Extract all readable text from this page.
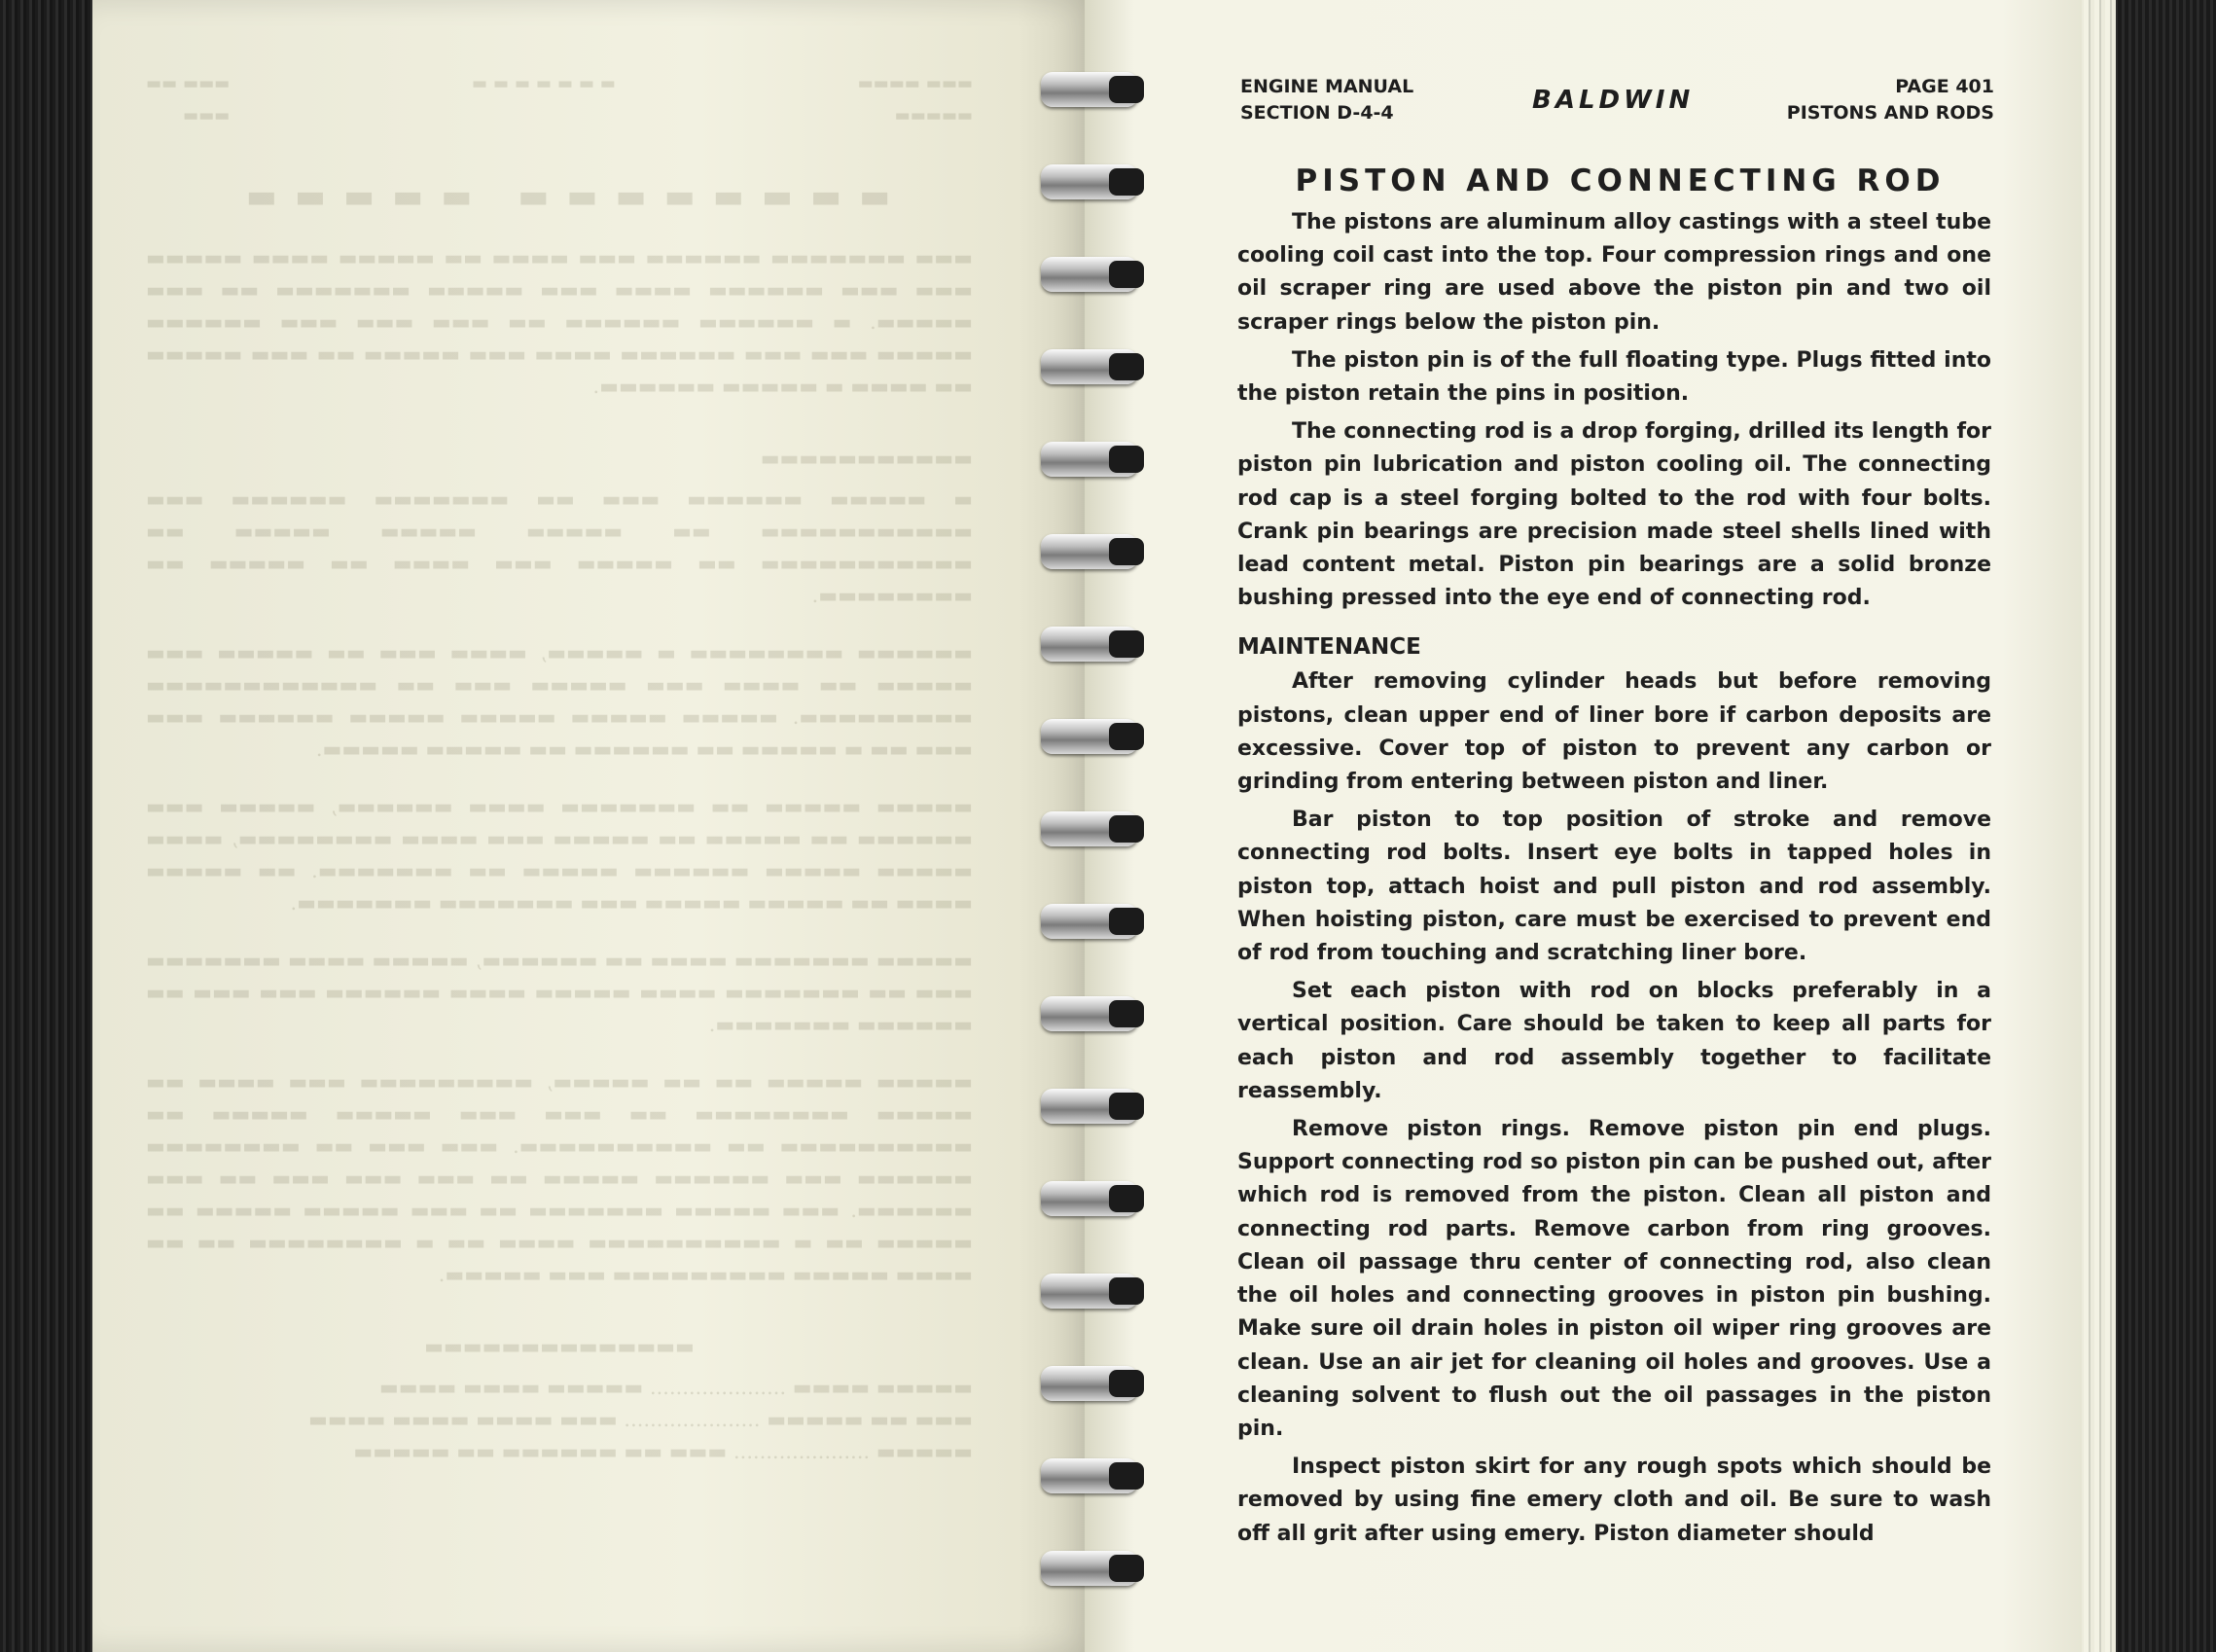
▬▬▬ ▬▬▬▬
▬▬▬▬▬
▬ ▬ ▬ ▬ ▬ ▬ ▬
▬▬▬ ▬▬
▬▬▬
▬▬▬▬▬▬▬▬ ▬▬▬▬▬

▬▬▬ ▬▬▬▬▬▬▬ ▬▬▬▬▬▬ ▬▬▬ ▬▬▬▬ ▬▬ ▬▬▬▬▬ ▬▬▬▬ ▬▬▬▬▬ ▬▬▬ ▬▬▬ ▬▬▬▬▬▬ ▬▬▬▬ ▬▬▬ ▬▬▬▬▬ ▬▬▬▬▬▬▬ ▬▬ ▬▬▬ ▬▬▬▬▬. ▬ ▬▬▬▬▬▬ ▬▬▬▬▬▬ ▬▬ ▬▬▬ ▬▬▬ ▬▬▬ ▬▬▬▬▬▬ ▬▬▬▬▬ ▬▬▬ ▬▬▬ ▬▬▬▬▬▬ ▬▬▬▬ ▬▬▬ ▬▬▬▬▬ ▬▬ ▬▬▬ ▬▬▬▬▬ ▬▬ ▬▬▬▬ ▬ ▬▬▬▬▬ ▬▬▬▬▬▬.

▬▬▬▬▬▬▬▬▬▬▬

▬ ▬▬▬▬▬ ▬▬▬▬▬▬ ▬▬▬ ▬▬ ▬▬▬▬▬▬▬ ▬▬▬▬▬▬ ▬▬▬ ▬▬▬▬▬▬▬▬▬▬▬ ▬▬ ▬▬▬▬▬ ▬▬▬▬▬ ▬▬▬▬▬ ▬▬ ▬▬▬▬▬▬▬▬▬▬▬ ▬▬ ▬▬▬▬▬ ▬▬▬ ▬▬▬▬ ▬▬ ▬▬▬▬▬ ▬▬ ▬▬▬▬▬▬▬▬.

▬▬▬▬▬▬ ▬▬▬▬▬▬▬▬ ▬ ▬▬▬▬▬, ▬▬▬▬ ▬▬▬ ▬▬ ▬▬▬▬▬ ▬▬▬ ▬▬▬▬▬ ▬▬ ▬▬▬▬ ▬▬▬ ▬▬▬▬▬ ▬▬▬ ▬▬ ▬▬▬▬▬▬▬▬▬▬▬▬ ▬▬▬▬▬▬▬▬▬. ▬▬▬▬▬ ▬▬▬▬▬ ▬▬▬▬▬ ▬▬▬▬▬ ▬▬▬▬▬▬ ▬▬▬ ▬▬▬ ▬▬ ▬ ▬▬▬▬▬ ▬▬ ▬▬▬▬▬▬ ▬▬ ▬▬▬▬▬ ▬▬▬▬▬.

▬▬▬▬▬ ▬▬▬▬▬ ▬▬ ▬▬▬▬▬▬▬ ▬▬▬▬ ▬▬▬▬▬▬, ▬▬▬▬▬ ▬▬▬ ▬▬▬▬▬▬ ▬▬ ▬▬▬▬▬ ▬▬ ▬▬▬▬▬ ▬▬▬ ▬▬▬▬ ▬▬▬▬▬▬▬▬, ▬▬▬▬ ▬▬▬▬▬ ▬▬▬▬▬ ▬▬▬▬▬▬ ▬▬▬▬▬ ▬▬ ▬▬▬▬▬▬▬. ▬▬ ▬▬▬▬▬ ▬▬▬▬ ▬▬ ▬▬▬▬▬ ▬▬▬▬▬ ▬▬▬ ▬▬▬▬▬▬▬ ▬▬▬▬▬▬▬.

▬▬▬▬▬ ▬▬▬▬▬▬▬ ▬▬▬▬ ▬▬ ▬▬▬▬▬▬, ▬▬▬▬▬ ▬▬▬▬ ▬▬▬▬▬▬▬ ▬▬▬ ▬▬ ▬▬▬▬▬▬▬ ▬▬▬▬ ▬▬▬▬▬ ▬▬▬▬ ▬▬▬▬▬▬ ▬▬▬ ▬▬▬ ▬▬ ▬▬▬▬▬▬ ▬▬▬▬▬▬▬.

▬▬▬▬▬ ▬▬▬▬▬ ▬▬ ▬▬ ▬▬▬▬▬, ▬▬▬▬▬▬▬▬▬ ▬▬▬ ▬▬▬▬ ▬▬ ▬▬▬▬▬ ▬▬▬▬▬▬▬▬ ▬▬ ▬▬▬ ▬▬▬ ▬▬▬▬▬ ▬▬▬▬▬ ▬▬ ▬▬▬▬▬▬▬▬▬▬ ▬▬ ▬▬▬▬▬▬▬▬▬▬. ▬▬▬ ▬▬▬ ▬▬ ▬▬▬▬▬▬▬▬ ▬▬▬▬▬▬ ▬▬▬ ▬▬▬▬▬▬ ▬▬▬▬▬ ▬▬ ▬▬▬ ▬▬▬ ▬▬▬ ▬▬ ▬▬▬ ▬▬▬▬▬▬. ▬▬▬ ▬▬▬▬▬ ▬▬▬▬▬▬▬ ▬▬ ▬▬▬ ▬▬▬▬▬ ▬▬▬▬▬ ▬▬ ▬▬▬▬▬ ▬▬ ▬ ▬▬▬▬▬▬▬▬▬▬ ▬▬▬▬ ▬▬ ▬ ▬▬▬▬▬▬▬▬ ▬▬ ▬▬ ▬▬▬▬ ▬▬▬▬▬ ▬▬▬▬▬▬▬▬▬ ▬▬▬ ▬▬▬▬▬.

▬▬▬▬▬▬▬▬▬▬▬▬▬▬

▬▬▬▬▬ ▬▬▬▬ ..................... ▬▬▬▬▬ ▬▬▬▬ ▬▬▬▬
▬▬▬ ▬▬ ▬▬▬▬▬ ..................... ▬▬▬ ▬▬▬▬ ▬▬▬▬ ▬▬▬▬
▬▬▬▬▬ ..................... ▬▬▬ ▬▬ ▬▬▬▬▬▬ ▬▬ ▬▬▬▬▬

ENGINE MANUAL
SECTION D-4-4	BALDWIN	PAGE 401
PISTONS AND RODS
PISTON AND CONNECTING ROD

The pistons are aluminum alloy castings with a steel tube cooling coil cast into the top. Four compression rings and one oil scraper ring are used above the piston pin and two oil scraper rings below the piston pin.

The piston pin is of the full floating type. Plugs fitted into the piston retain the pins in position.

The connecting rod is a drop forging, drilled its length for piston pin lubrication and piston cooling oil. The connecting rod cap is a steel forging bolted to the rod with four bolts. Crank pin bearings are precision made steel shells lined with lead content metal. Piston pin bearings are a solid bronze bushing pressed into the eye end of connecting rod.

MAINTENANCE

After removing cylinder heads but before removing pistons, clean upper end of liner bore if carbon deposits are excessive. Cover top of piston to prevent any carbon or grinding from entering between piston and liner.

Bar piston to top position of stroke and remove connecting rod bolts. Insert eye bolts in tapped holes in piston top, attach hoist and pull piston and rod assembly. When hoisting piston, care must be exercised to prevent end of rod from touching and scratching liner bore.

Set each piston with rod on blocks preferably in a vertical position. Care should be taken to keep all parts for each piston and rod assembly together to facilitate reassembly.

Remove piston rings. Remove piston pin end plugs. Support connecting rod so piston pin can be pushed out, after which rod is removed from the piston. Clean all piston and connecting rod parts. Remove carbon from ring grooves. Clean oil passage thru center of connecting rod, also clean the oil holes and connecting grooves in piston pin bushing. Make sure oil drain holes in piston oil wiper ring grooves are clean. Use an air jet for cleaning oil holes and grooves. Use a cleaning solvent to flush out the oil passages in the piston pin.

Inspect piston skirt for any rough spots which should be removed by using fine emery cloth and oil. Be sure to wash off all grit after using emery. Piston diameter should
